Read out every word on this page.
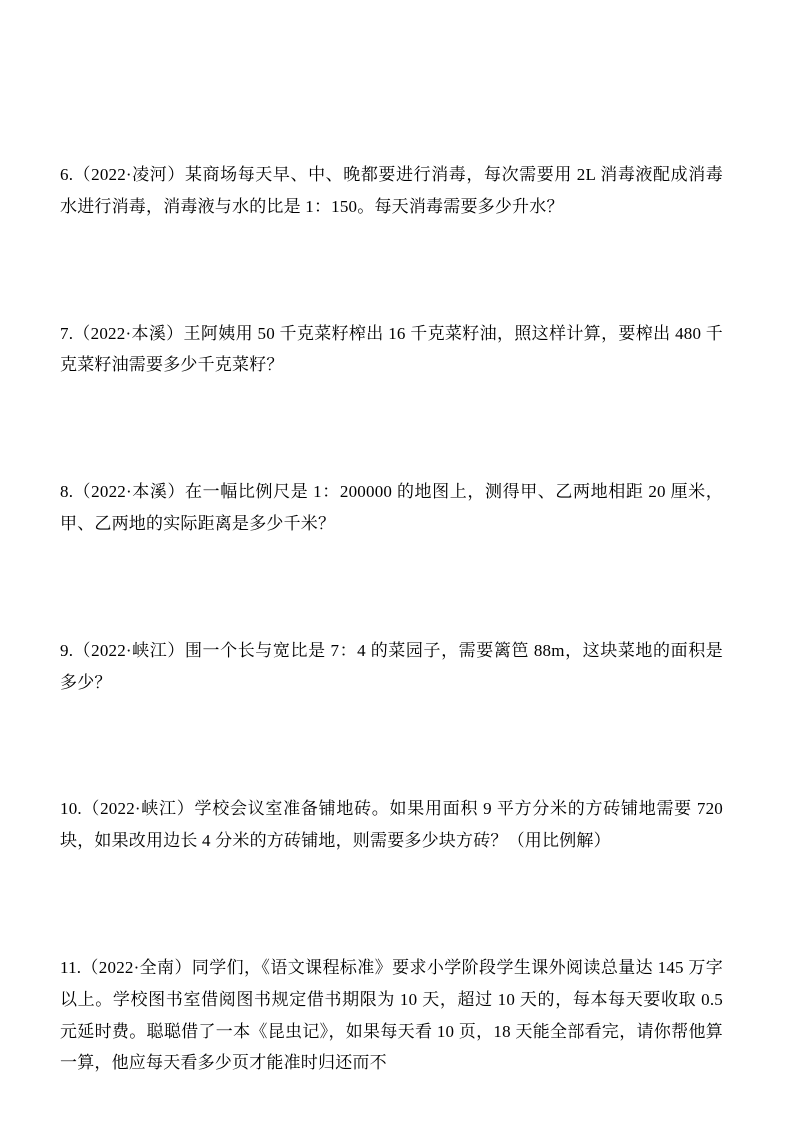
6.（2022·凌河）某商场每天早、中、晚都要进行消毒，每次需要用 2L 消毒液配成消毒水进行消毒，消毒液与水的比是 1：150。每天消毒需要多少升水？

7.（2022·本溪）王阿姨用 50 千克菜籽榨出 16 千克菜籽油，照这样计算，要榨出 480 千克菜籽油需要多少千克菜籽？

8.（2022·本溪）在一幅比例尺是 1：200000 的地图上，测得甲、乙两地相距 20 厘米，甲、乙两地的实际距离是多少千米？

9.（2022·峡江）围一个长与宽比是 7：4 的菜园子，需要篱笆 88m，这块菜地的面积是多少？

10.（2022·峡江）学校会议室准备铺地砖。如果用面积 9 平方分米的方砖铺地需要 720 块，如果改用边长 4 分米的方砖铺地，则需要多少块方砖？（用比例解）

11.（2022·全南）同学们，《语文课程标准》要求小学阶段学生课外阅读总量达 145 万字以上。学校图书室借阅图书规定借书期限为 10 天，超过 10 天的，每本每天要收取 0.5 元延时费。聪聪借了一本《昆虫记》，如果每天看 10 页，18 天能全部看完，请你帮他算一算，他应每天看多少页才能准时归还而不
